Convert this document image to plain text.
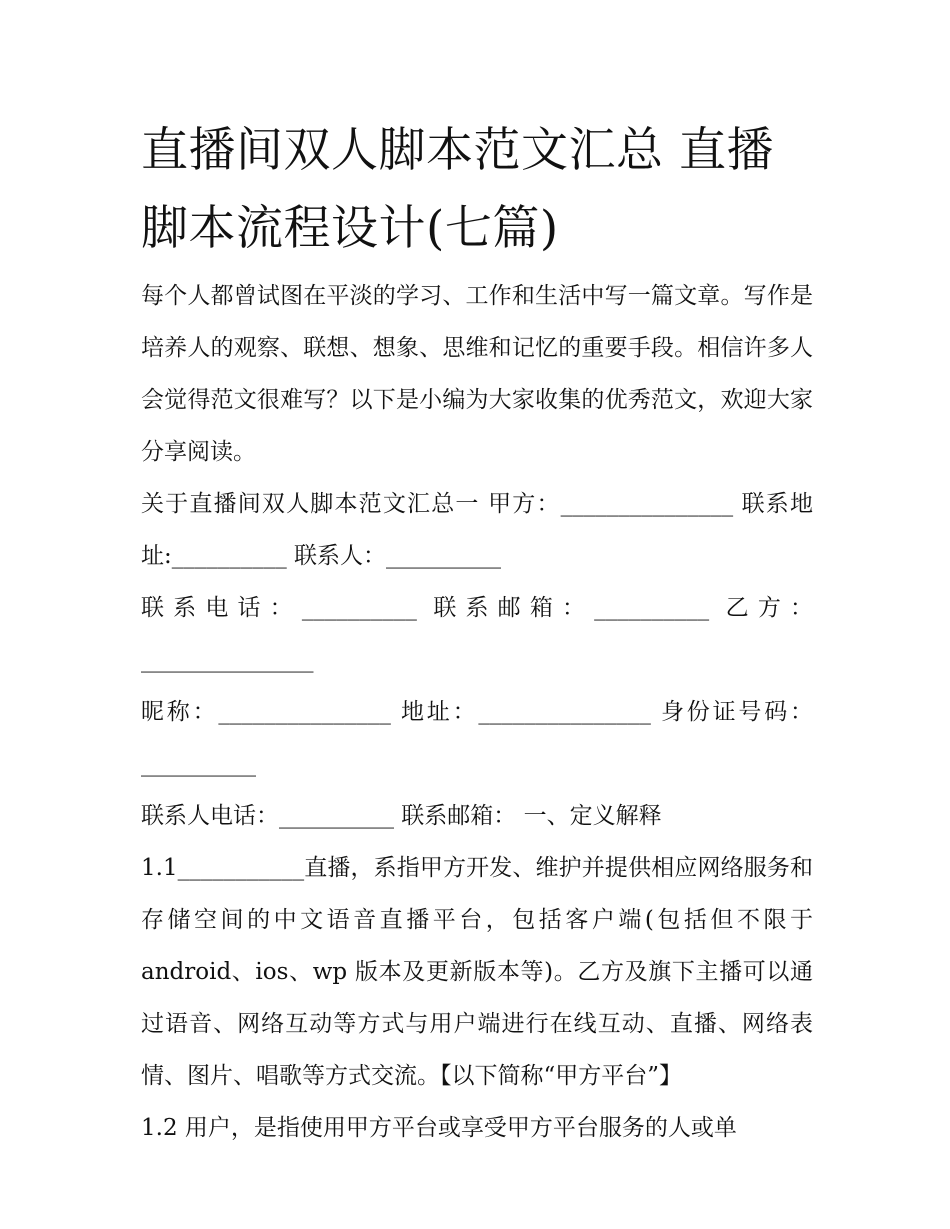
直播间双人脚本范文汇总 直播脚本流程设计(七篇)

每个人都曾试图在平淡的学习、工作和生活中写一篇文章。写作是培养人的观察、联想、想象、思维和记忆的重要手段。相信许多人会觉得范文很难写？以下是小编为大家收集的优秀范文，欢迎大家分享阅读。

关于直播间双人脚本范文汇总一 甲方：_______________ 联系地址:__________ 联系人：__________

联系电话：__________ 联系邮箱：__________ 乙方：_______________

昵称：_______________ 地址：_______________ 身份证号码：__________

联系人电话：__________ 联系邮箱： 一、定义解释

1.1___________直播，系指甲方开发、维护并提供相应网络服务和存储空间的中文语音直播平台，包括客户端(包括但不限于 android、ios、wp 版本及更新版本等)。乙方及旗下主播可以通过语音、网络互动等方式与用户端进行在线互动、直播、网络表情、图片、唱歌等方式交流。【以下简称“甲方平台”】

1.2 用户，是指使用甲方平台或享受甲方平台服务的人或单
